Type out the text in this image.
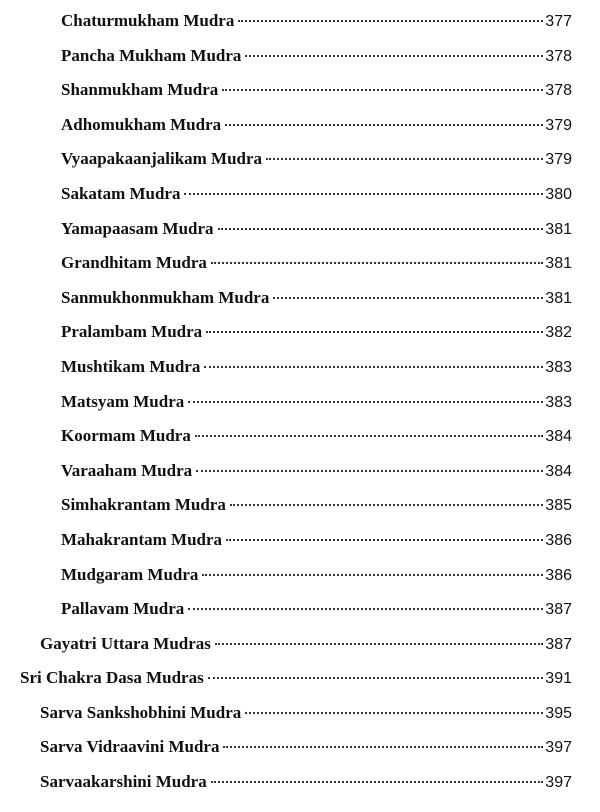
Chaturmukham Mudra	377
Pancha Mukham Mudra	378
Shanmukham Mudra	378
Adhomukham Mudra	379
Vyaapakaanjalikam Mudra	379
Sakatam Mudra	380
Yamapaasam Mudra	381
Grandhitam Mudra	381
Sanmukhonmukham Mudra	381
Pralambam Mudra	382
Mushtikam Mudra	383
Matsyam Mudra	383
Koormam Mudra	384
Varaaham Mudra	384
Simhakrantam Mudra	385
Mahakrantam Mudra	386
Mudgaram Mudra	386
Pallavam Mudra	387
Gayatri Uttara Mudras	387
Sri Chakra Dasa Mudras	391
Sarva Sankshobhini Mudra	395
Sarva Vidraavini Mudra	397
Sarvaakarshini Mudra	397
